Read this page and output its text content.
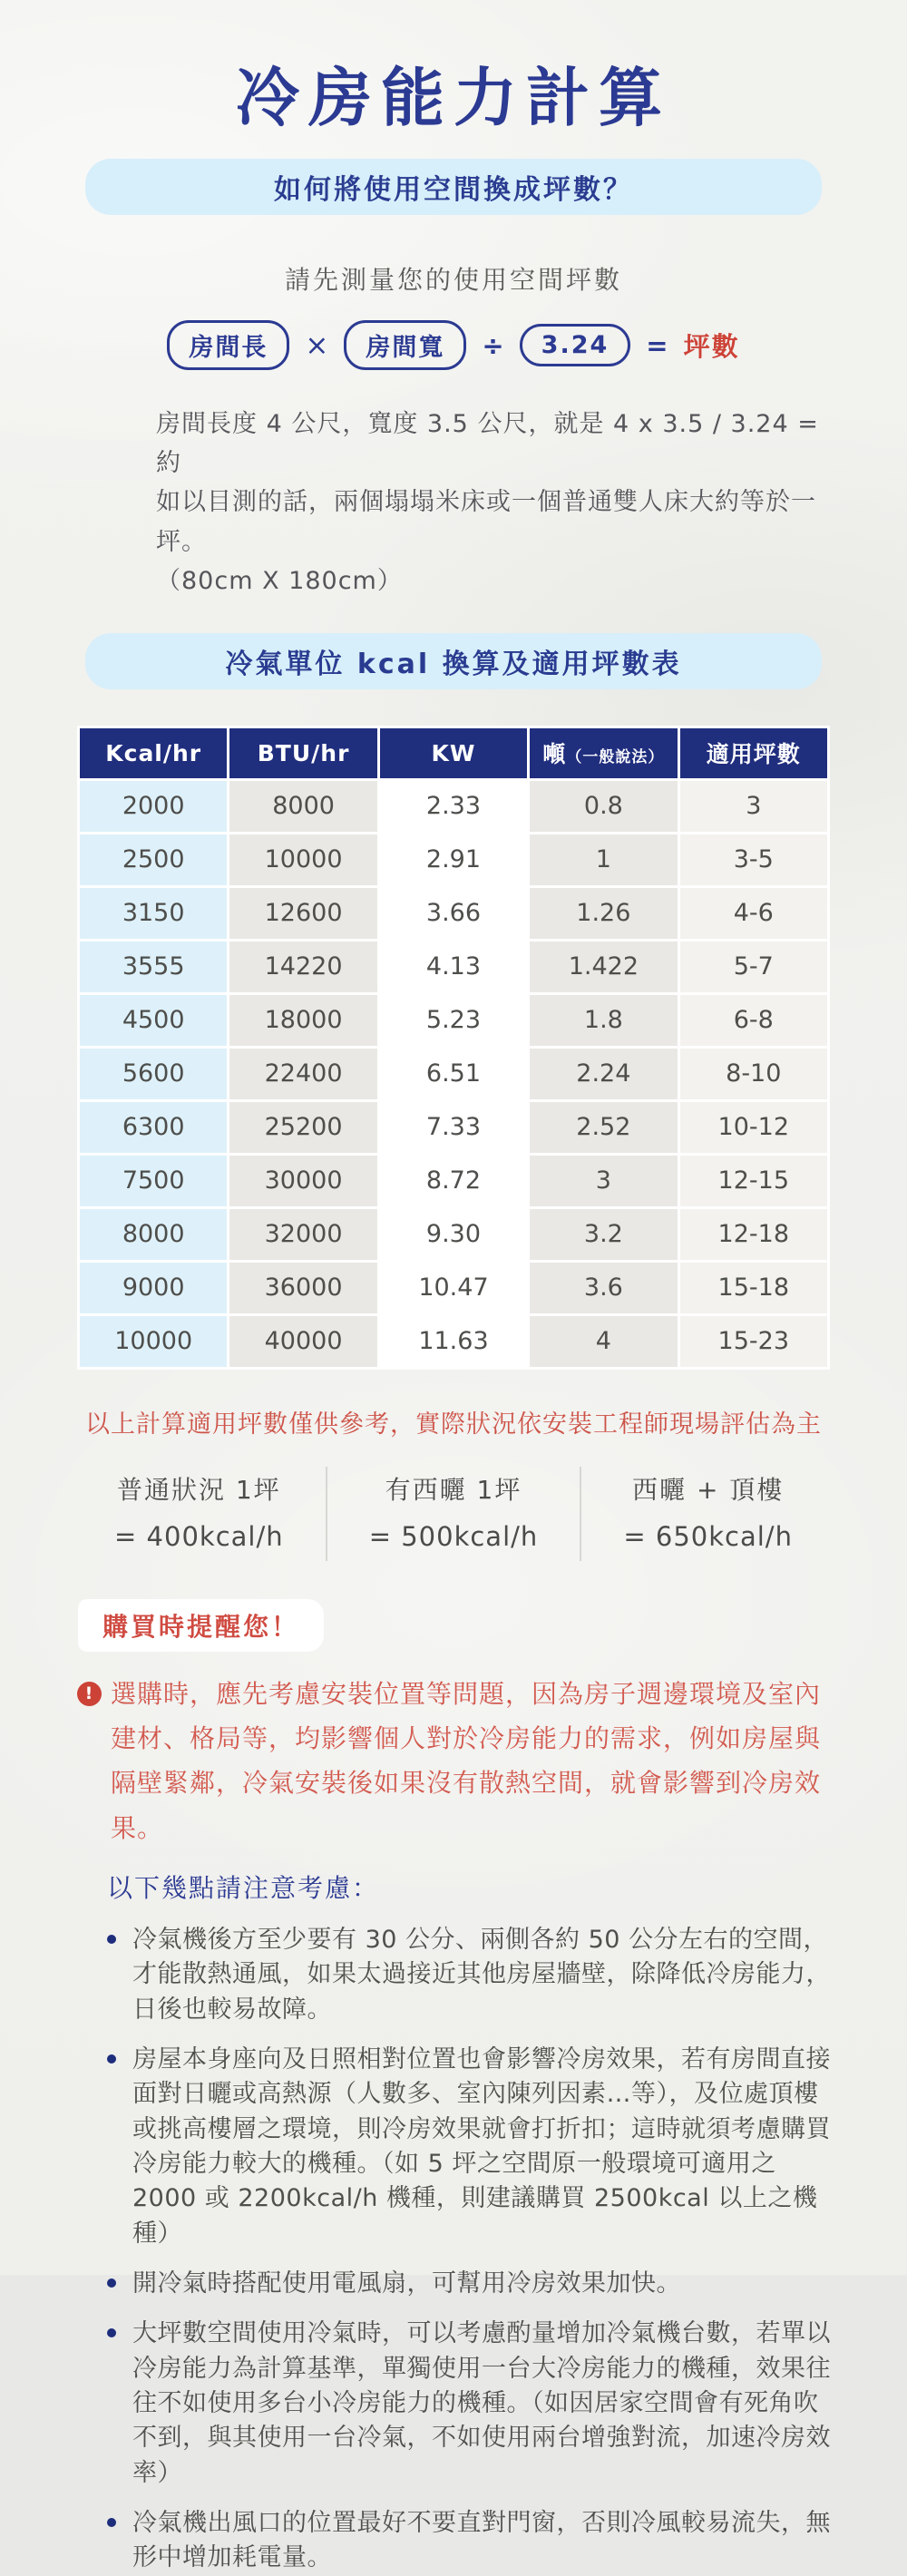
冷房能力計算
如何將使用空間換成坪數？
請先測量您的使用空間坪數
房間長	×	房間寬	÷	3.24	= 坪數
房間長度 4 公尺，寬度 3.5 公尺，就是 4 x 3.5 / 3.24 = 約
如以目測的話，兩個塌塌米床或一個普通雙人床大約等於一坪。
（80cm X 180cm）
冷氣單位 kcal 換算及適用坪數表
Kcal/hr	BTU/hr	KW	噸（一般說法）	適用坪數
2000	8000	2.33	0.8	3
2500	10000	2.91	1	3-5
3150	12600	3.66	1.26	4-6
3555	14220	4.13	1.422	5-7
4500	18000	5.23	1.8	6-8
5600	22400	6.51	2.24	8-10
6300	25200	7.33	2.52	10-12
7500	30000	8.72	3	12-15
8000	32000	9.30	3.2	12-18
9000	36000	10.47	3.6	15-18
10000	40000	11.63	4	15-23
以上計算適用坪數僅供參考，實際狀況依安裝工程師現場評估為主
普通狀況 1坪
= 400kcal/h
有西曬 1坪
= 500kcal/h
西曬 + 頂樓
= 650kcal/h
購買時提醒您！
! 選購時，應先考慮安裝位置等問題，因為房子週邊環境及室內建材、格局等，均影響個人對於冷房能力的需求，例如房屋與隔壁緊鄰，冷氣安裝後如果沒有散熱空間，就會影響到冷房效果。
以下幾點請注意考慮：
冷氣機後方至少要有 30 公分、兩側各約 50 公分左右的空間，才能散熱通風，如果太過接近其他房屋牆壁，除降低冷房能力，日後也較易故障。
房屋本身座向及日照相對位置也會影響冷房效果，若有房間直接面對日曬或高熱源（人數多、室內陳列因素…等），及位處頂樓或挑高樓層之環境，則冷房效果就會打折扣；這時就須考慮購買冷房能力較大的機種。（如 5 坪之空間原一般環境可適用之 2000 或 2200kcal/h 機種，則建議購買 2500kcal 以上之機種）
開冷氣時搭配使用電風扇，可幫用冷房效果加快。
大坪數空間使用冷氣時，可以考慮酌量增加冷氣機台數，若單以冷房能力為計算基準，單獨使用一台大冷房能力的機種，效果往往不如使用多台小冷房能力的機種。（如因居家空間會有死角吹不到，與其使用一台冷氣，不如使用兩台增強對流，加速冷房效率）
冷氣機出風口的位置最好不要直對門窗，否則冷風較易流失，無形中增加耗電量。
